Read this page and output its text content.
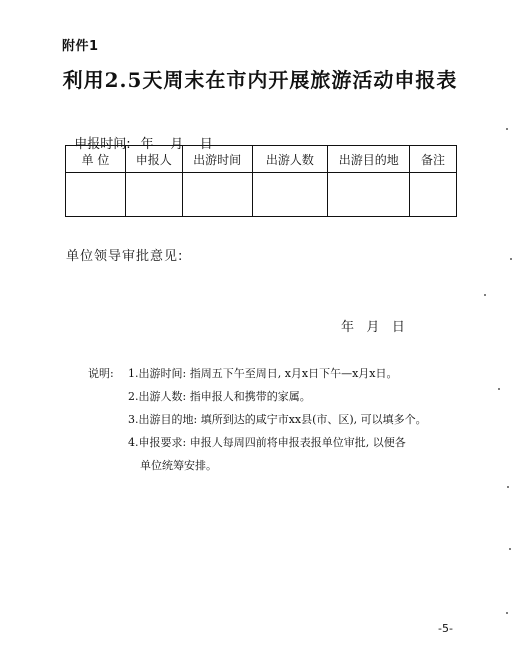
附件1
利用2.5天周末在市内开展旅游活动申报表

申报时间: 年 月 日

单 位	申报人	出游时间	出游人数	出游目的地	备注

单位领导审批意见:
年 月 日
说明: 1.出游时间: 指周五下午至周日, x月x日下午—x月x日。
2.出游人数: 指申报人和携带的家属。
3.出游目的地: 填所到达的咸宁市xx县(市、区), 可以填多个。
4.申报要求: 申报人每周四前将申报表报单位审批, 以便各
单位统筹安排。
-5-
